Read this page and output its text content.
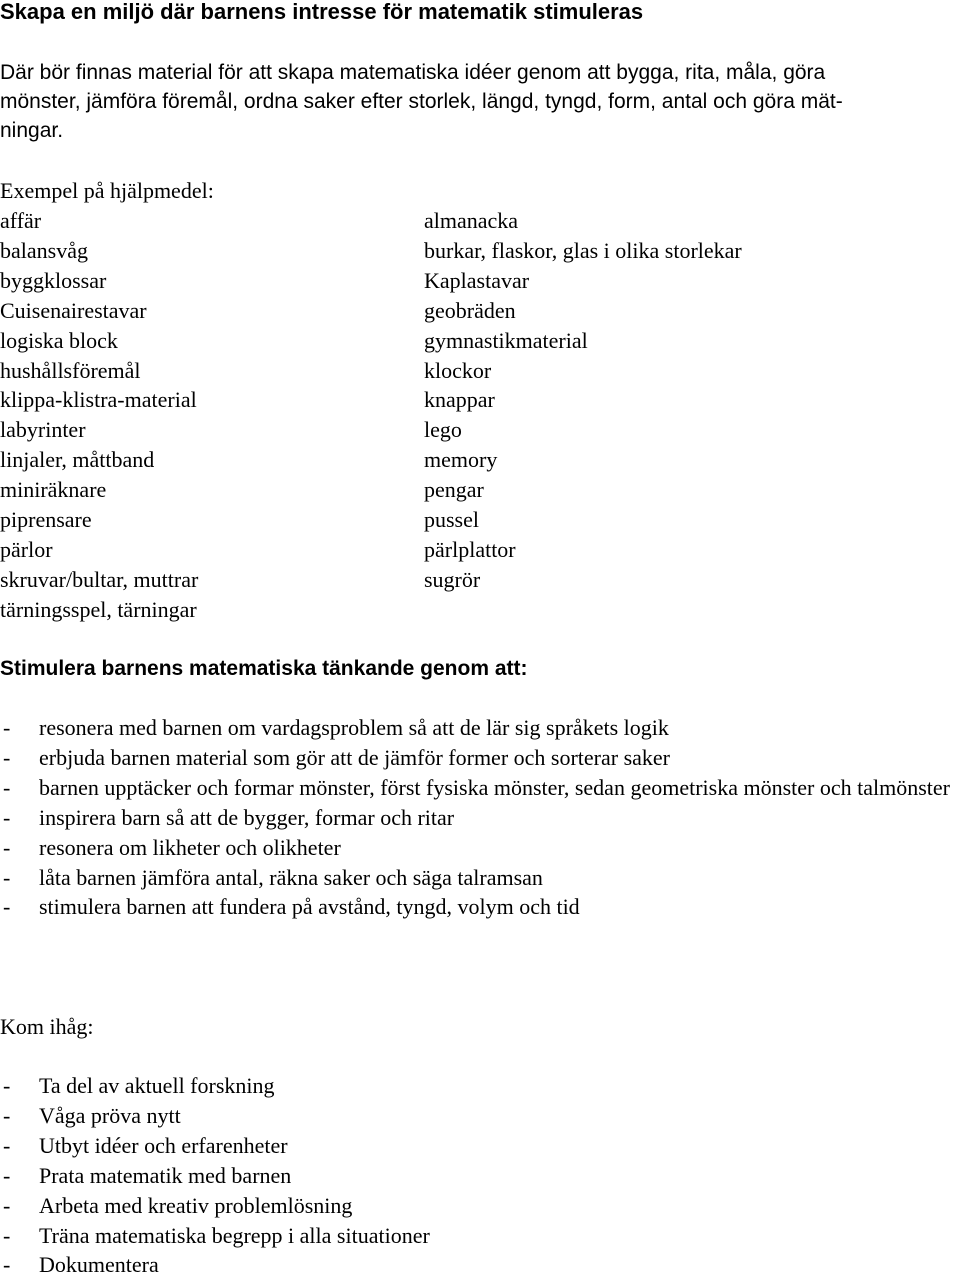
Skapa en miljö där barnens intresse för matematik stimuleras
Där bör finnas material för att skapa matematiska idéer genom att bygga, rita, måla, göra
mönster, jämföra föremål, ordna saker efter storlek, längd, tyngd, form, antal och göra mät-
ningar.
Exempel på hjälpmedel:
affär
balansvåg
byggklossar
Cuisenairestavar
logiska block
hushållsföremål
klippa-klistra-material
labyrinter
linjaler, måttband
miniräknare
piprensare
pärlor
skruvar/bultar, muttrar
tärningsspel, tärningar
almanacka
burkar, flaskor, glas i olika storlekar
Kaplastavar
geobräden
gymnastikmaterial
klockor
knappar
lego
memory
pengar
pussel
pärlplattor
sugrör
Stimulera barnens matematiska tänkande genom att:
- resonera med barnen om vardagsproblem så att de lär sig språkets logik
- erbjuda barnen material som gör att de jämför former och sorterar saker
- barnen upptäcker och formar mönster, först fysiska mönster, sedan geometriska mönster och talmönster
- inspirera barn så att de bygger, formar och ritar
- resonera om likheter och olikheter
- låta barnen jämföra antal, räkna saker och säga talramsan
- stimulera barnen att fundera på avstånd, tyngd, volym och tid
Kom ihåg:
- Ta del av aktuell forskning
- Våga pröva nytt
- Utbyt idéer och erfarenheter
- Prata matematik med barnen
- Arbeta med kreativ problemlösning
- Träna matematiska begrepp i alla situationer
- Dokumentera
